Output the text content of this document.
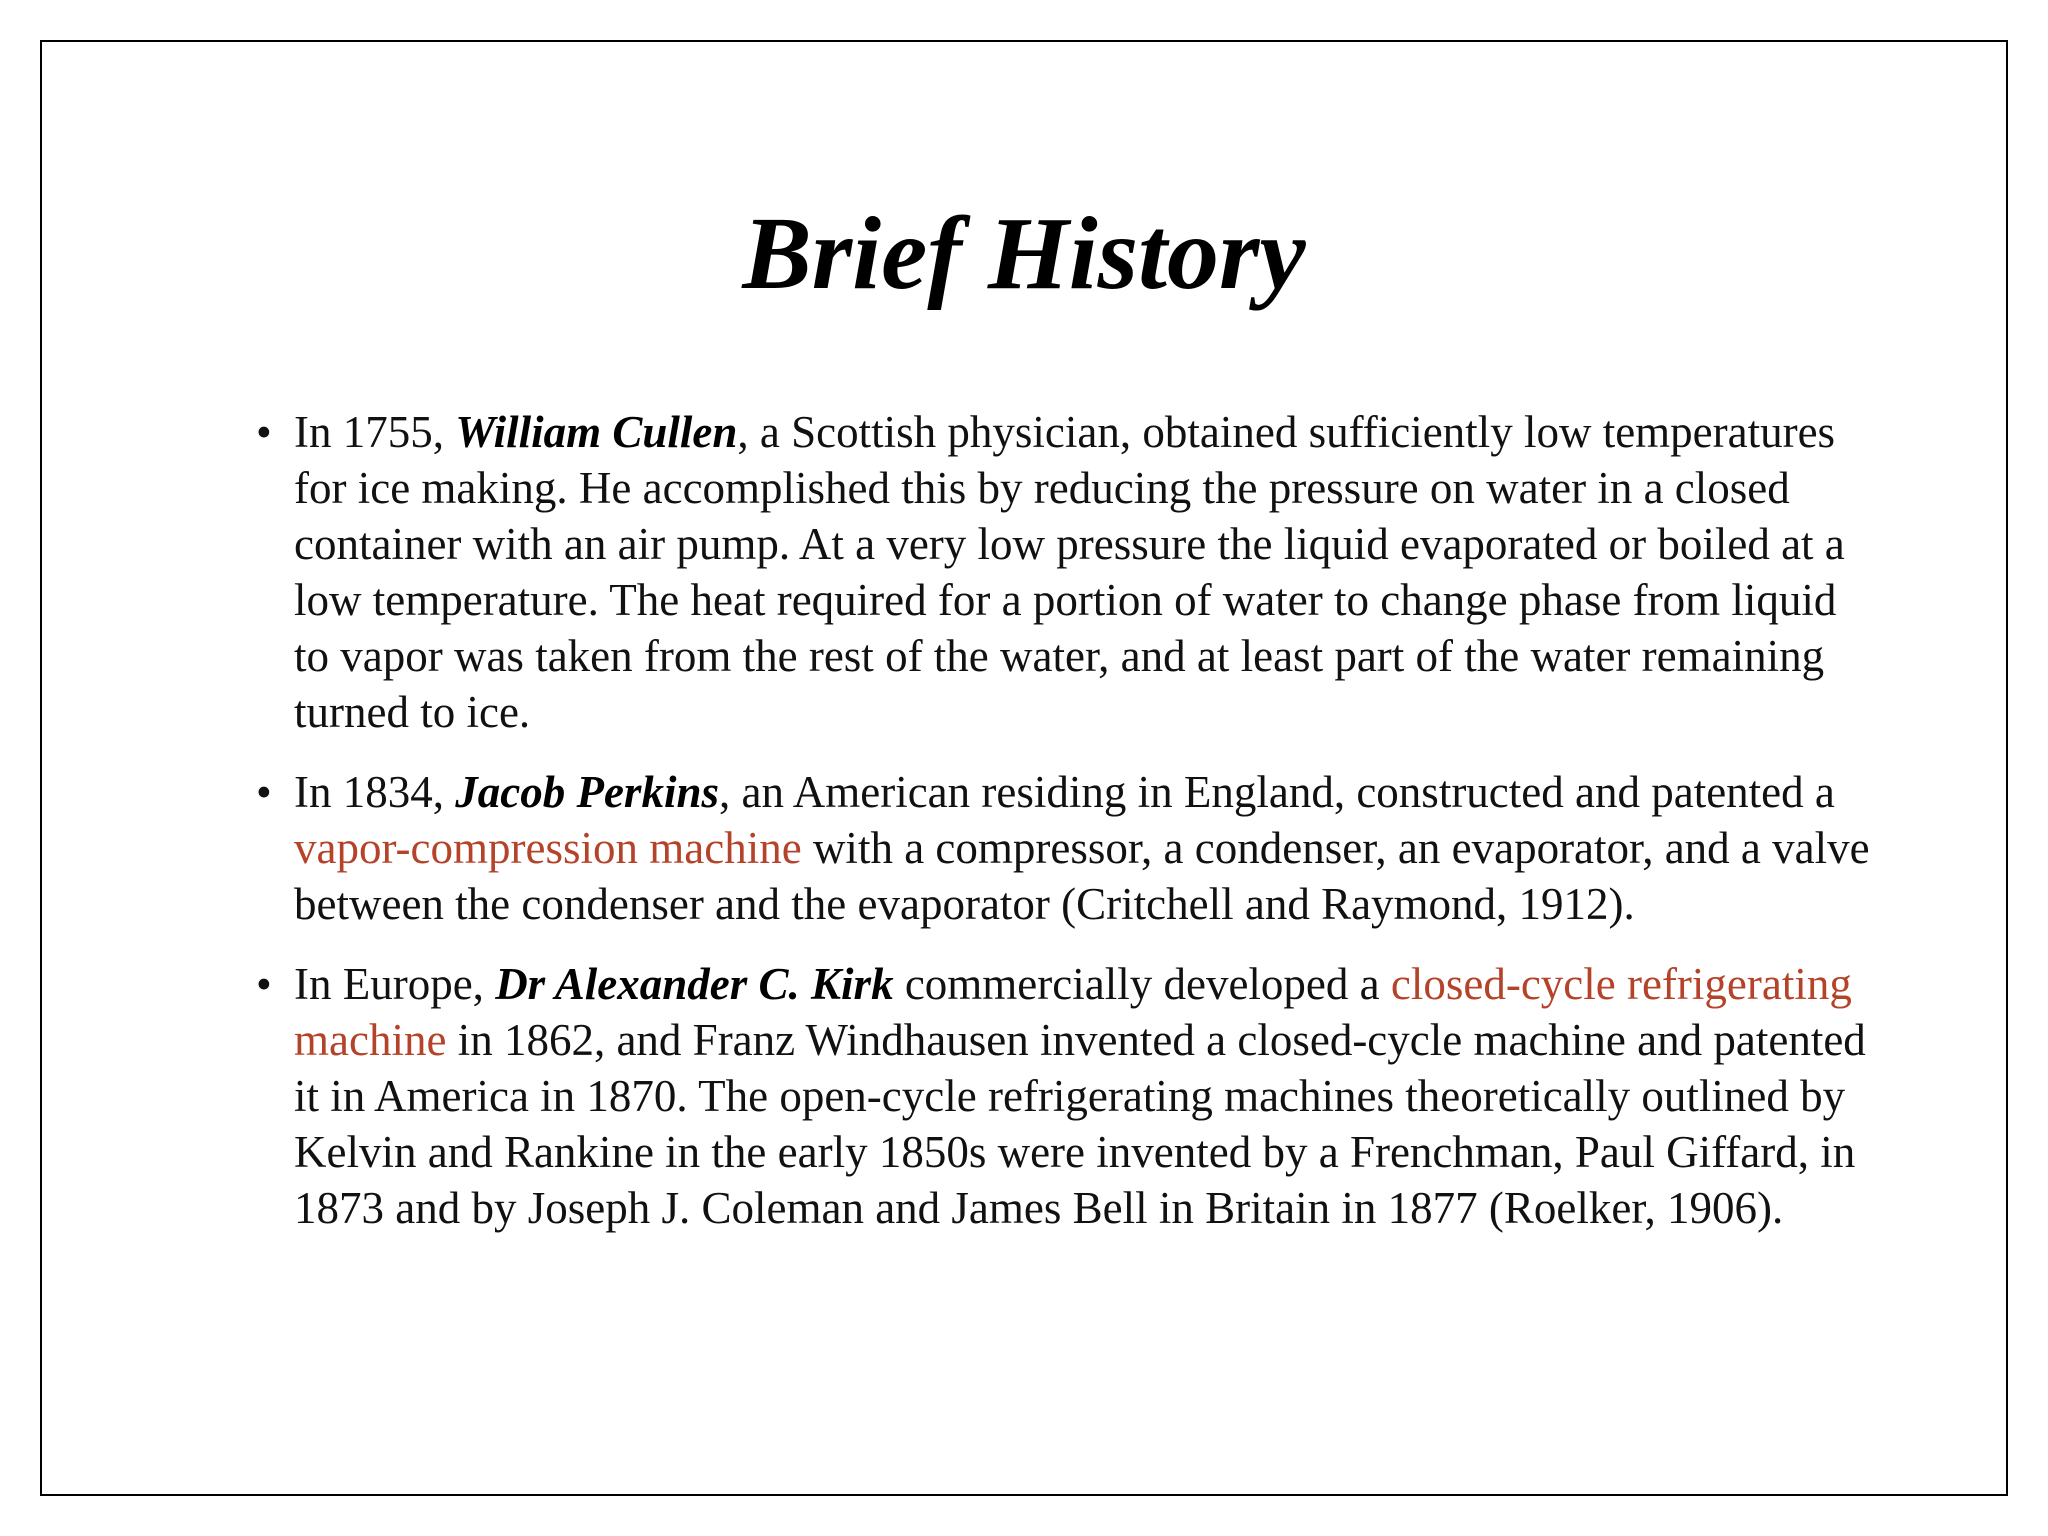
Brief History
• In 1755, William Cullen, a Scottish physician, obtained sufficiently low temperatures for ice making. He accomplished this by reducing the pressure on water in a closed container with an air pump. At a very low pressure the liquid evaporated or boiled at a low temperature. The heat required for a portion of water to change phase from liquid to vapor was taken from the rest of the water, and at least part of the water remaining turned to ice.
• In 1834, Jacob Perkins, an American residing in England, constructed and patented a vapor-compression machine with a compressor, a condenser, an evaporator, and a valve between the condenser and the evaporator (Critchell and Raymond, 1912).
• In Europe, Dr Alexander C. Kirk commercially developed a closed-cycle refrigerating machine in 1862, and Franz Windhausen invented a closed-cycle machine and patented it in America in 1870. The open-cycle refrigerating machines theoretically outlined by Kelvin and Rankine in the early 1850s were invented by a Frenchman, Paul Giffard, in 1873 and by Joseph J. Coleman and James Bell in Britain in 1877 (Roelker, 1906).
